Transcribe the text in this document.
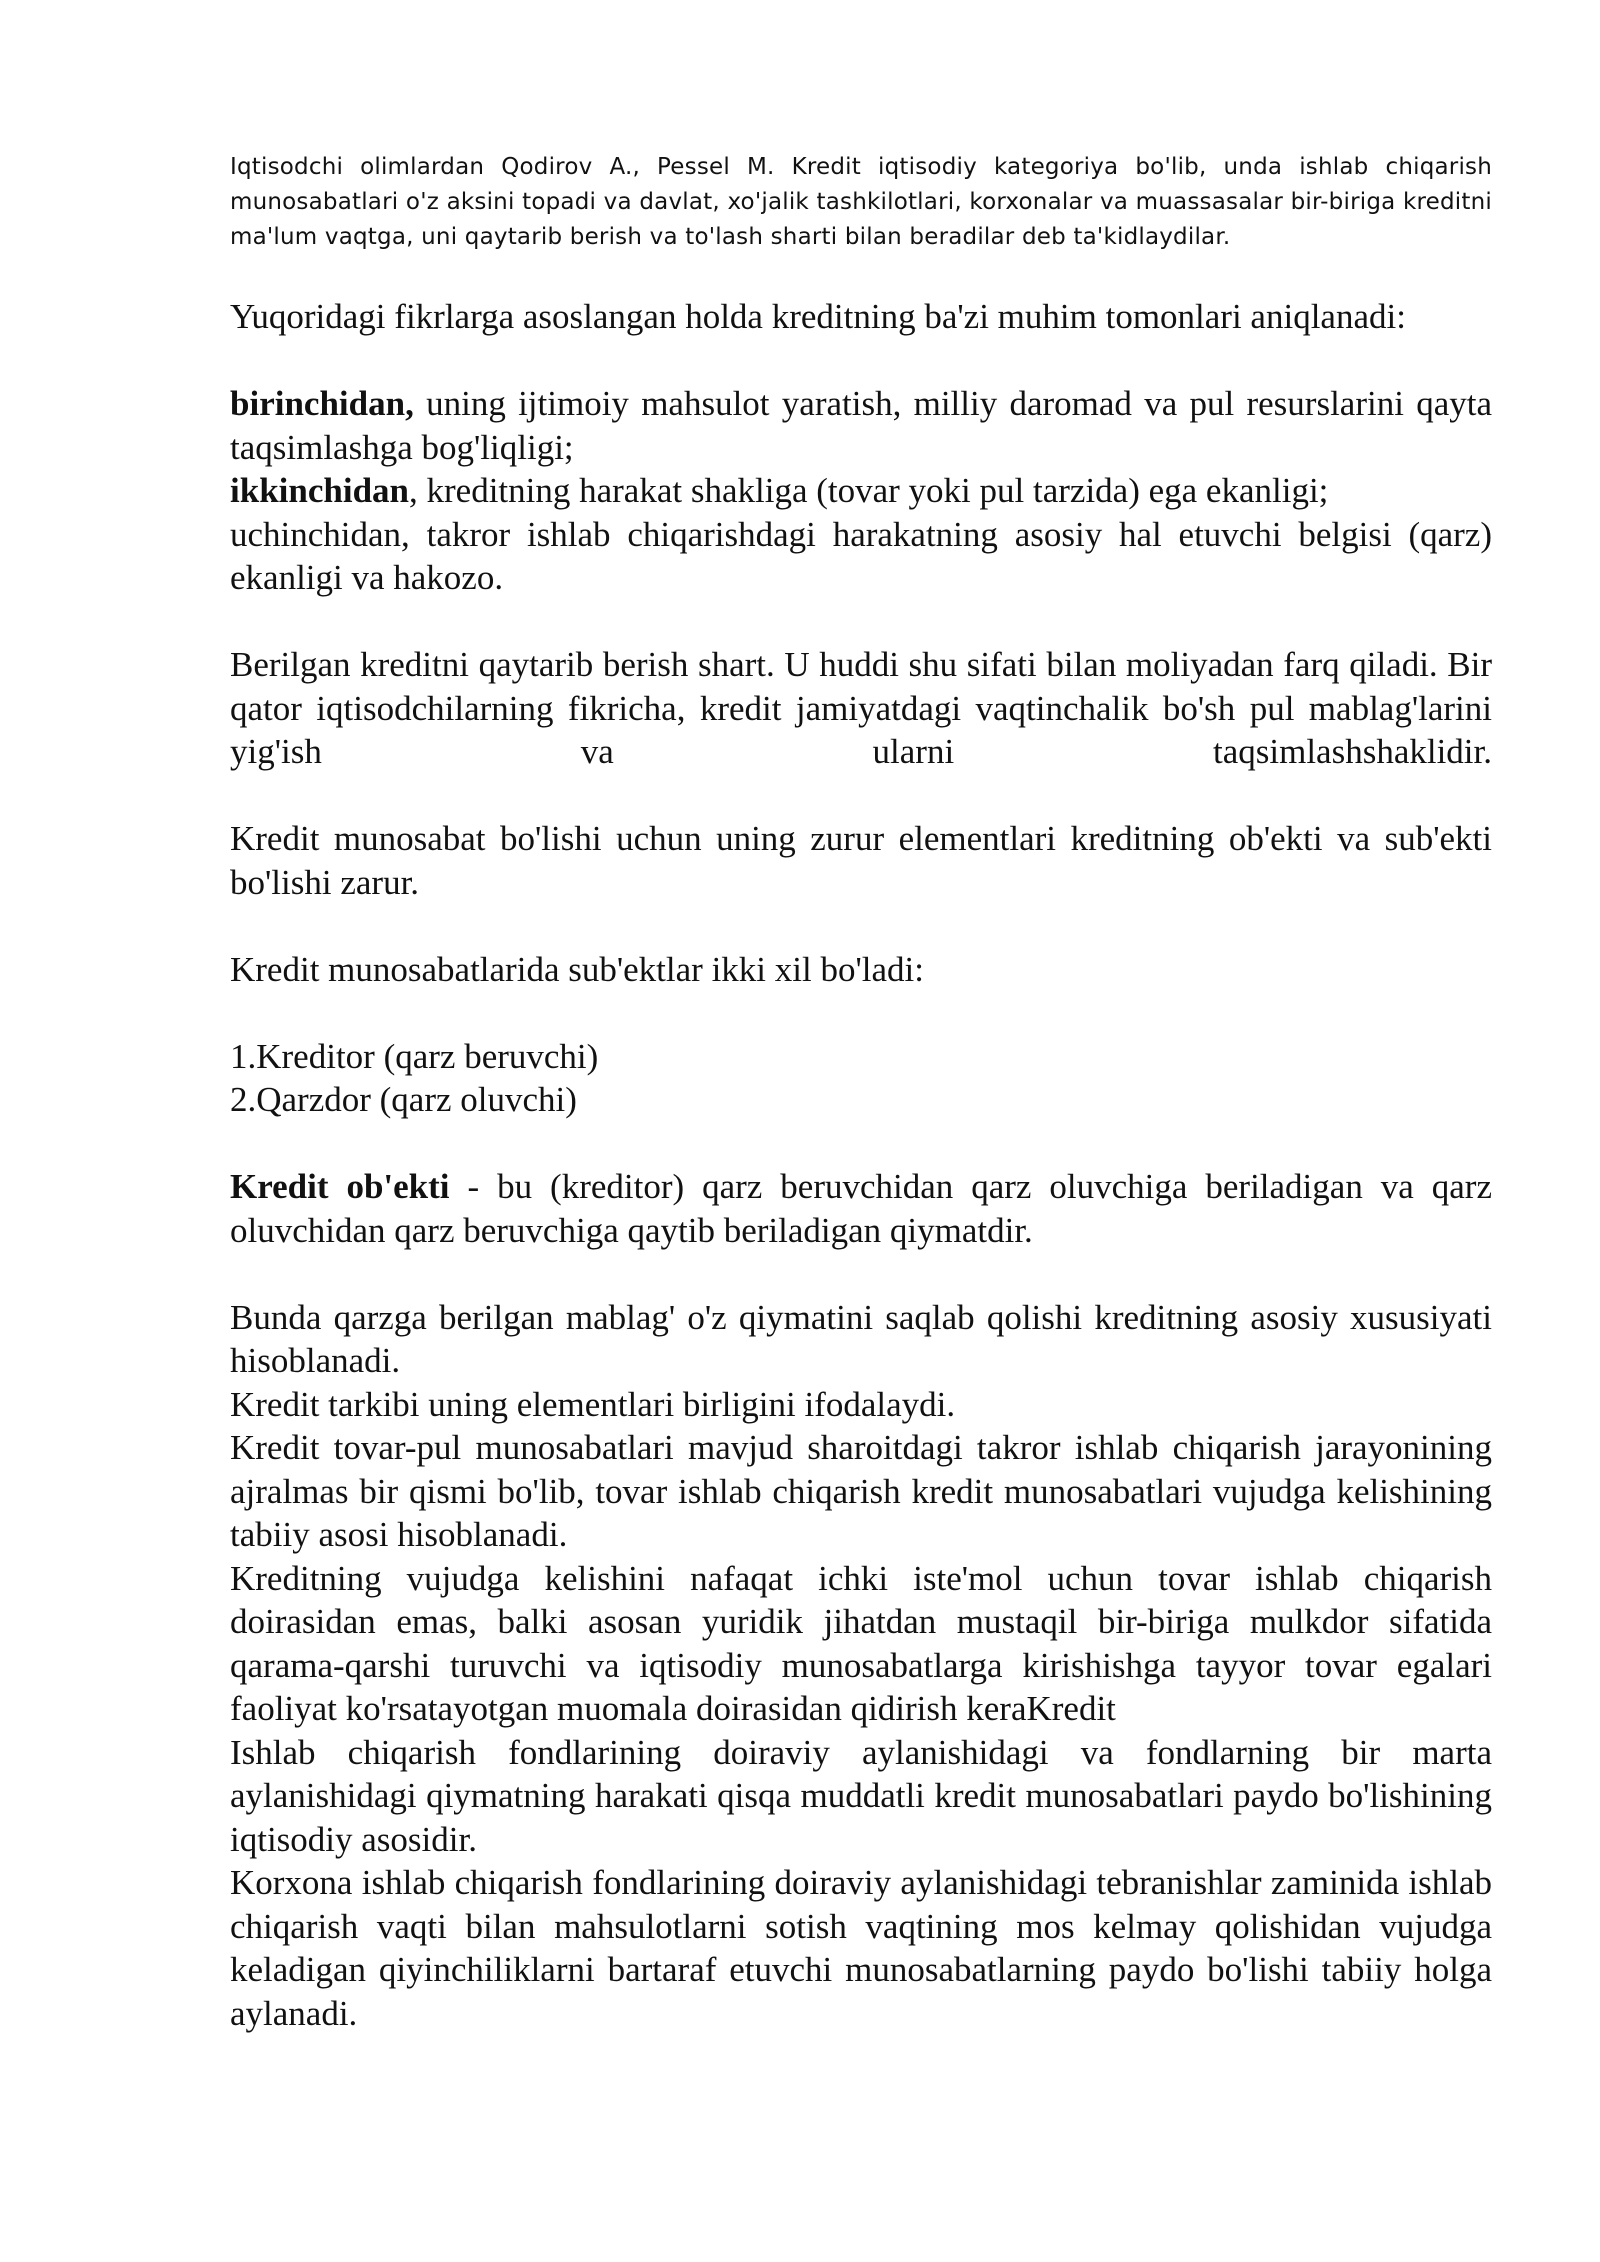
Iqtisodchi olimlardan Qodirov A., Pessel M. Kredit iqtisodiy kategoriya bo'lib, unda ishlab chiqarish munosabatlari o'z aksini topadi va davlat, xo'jalik tashkilotlari, korxonalar va muassasalar bir-biriga kreditni ma'lum vaqtga, uni qaytarib berish va to'lash sharti bilan beradilar deb ta'kidlaydilar.

Yuqoridagi fikrlarga asoslangan holda kreditning ba'zi muhim tomonlari aniqlanadi:

birinchidan, uning ijtimoiy mahsulot yaratish, milliy daromad va pul resurslarini qayta taqsimlashga bog'liqligi;

ikkinchidan, kreditning harakat shakliga (tovar yoki pul tarzida) ega ekanligi;

uchinchidan, takror ishlab chiqarishdagi harakatning asosiy hal etuvchi belgisi (qarz) ekanligi va hakozo.

Berilgan kreditni qaytarib berish shart. U huddi shu sifati bilan moliyadan farq qiladi. Bir qator iqtisodchilarning fikricha, kredit jamiyatdagi vaqtinchalik bo'sh pul mablag'larini yig'ish va ularni taqsimlashshaklidir.

Kredit munosabat bo'lishi uchun uning zurur elementlari kreditning ob'ekti va sub'ekti bo'lishi zarur.

Kredit munosabatlarida sub'ektlar ikki xil bo'ladi:

1.Kreditor (qarz beruvchi)

2.Qarzdor (qarz oluvchi)

Kredit ob'ekti - bu (kreditor) qarz beruvchidan qarz oluvchiga beriladigan va qarz oluvchidan qarz beruvchiga qaytib beriladigan qiymatdir.

Bunda qarzga berilgan mablag' o'z qiymatini saqlab qolishi kreditning asosiy xususiyati hisoblanadi.

Kredit tarkibi uning elementlari birligini ifodalaydi.

Kredit tovar-pul munosabatlari mavjud sharoitdagi takror ishlab chiqarish jarayonining ajralmas bir qismi bo'lib, tovar ishlab chiqarish kredit munosabatlari vujudga kelishining tabiiy asosi hisoblanadi.

Kreditning vujudga kelishini nafaqat ichki iste'mol uchun tovar ishlab chiqarish doirasidan emas, balki asosan yuridik jihatdan mustaqil bir-biriga mulkdor sifatida qarama-qarshi turuvchi va iqtisodiy munosabatlarga kirishishga tayyor tovar egalari faoliyat ko'rsatayotgan muomala doirasidan qidirish keraKredit

Ishlab chiqarish fondlarining doiraviy aylanishidagi va fondlarning bir marta aylanishidagi qiymatning harakati qisqa muddatli kredit munosabatlari paydo bo'lishining iqtisodiy asosidir.

Korxona ishlab chiqarish fondlarining doiraviy aylanishidagi tebranishlar zaminida ishlab chiqarish vaqti bilan mahsulotlarni sotish vaqtining mos kelmay qolishidan vujudga keladigan qiyinchiliklarni bartaraf etuvchi munosabatlarning paydo bo'lishi tabiiy holga aylanadi.
